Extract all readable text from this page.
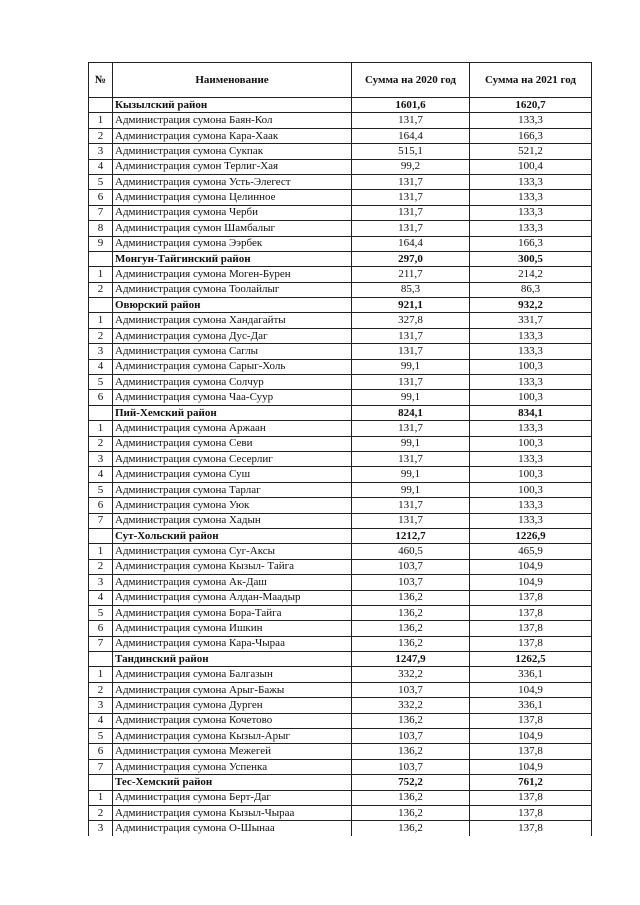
№	Наименование	Сумма на 2020 год	Сумма на 2021 год
	Кызылский район	1601,6	1620,7
1	Администрация сумона Баян-Кол	131,7	133,3
2	Администрация сумона Кара-Хаак	164,4	166,3
3	Администрация сумона Сукпак	515,1	521,2
4	Администрация сумон Терлиг-Хая	99,2	100,4
5	Администрация сумона Усть-Элегест	131,7	133,3
6	Администрация сумона Целинное	131,7	133,3
7	Администрация сумона Черби	131,7	133,3
8	Администрация сумон Шамбалыг	131,7	133,3
9	Администрация сумона Ээрбек	164,4	166,3
	Монгун-Тайгинский район	297,0	300,5
1	Администрация сумона Моген-Бурен	211,7	214,2
2	Администрация сумона Тоолайлыг	85,3	86,3
	Овюрский район	921,1	932,2
1	Администрация сумона Хандагайты	327,8	331,7
2	Администрация сумона Дус-Даг	131,7	133,3
3	Администрация сумона Саглы	131,7	133,3
4	Администрация сумона Сарыг-Холь	99,1	100,3
5	Администрация сумона Солчур	131,7	133,3
6	Администрация сумона Чаа-Суур	99,1	100,3
	Пий-Хемский район	824,1	834,1
1	Администрация сумона Аржаан	131,7	133,3
2	Администрация сумона Севи	99,1	100,3
3	Администрация сумона Сесерлиг	131,7	133,3
4	Администрация сумона Суш	99,1	100,3
5	Администрация сумона Тарлаг	99,1	100,3
6	Администрация сумона Уюк	131,7	133,3
7	Администрация сумона Хадын	131,7	133,3
	Сут-Хольский район	1212,7	1226,9
1	Администрация сумона Суг-Аксы	460,5	465,9
2	Администрация сумона Кызыл- Тайга	103,7	104,9
3	Администрация сумона Ак-Даш	103,7	104,9
4	Администрация сумона Алдан-Маадыр	136,2	137,8
5	Администрация сумона Бора-Тайга	136,2	137,8
6	Администрация сумона Ишкин	136,2	137,8
7	Администрация сумона Кара-Чыраа	136,2	137,8
	Тандинский район	1247,9	1262,5
1	Администрация сумона Балгазын	332,2	336,1
2	Администрация сумона Арыг-Бажы	103,7	104,9
3	Администрация сумона Дурген	332,2	336,1
4	Администрация сумона Кочетово	136,2	137,8
5	Администрация сумона Кызыл-Арыг	103,7	104,9
6	Администрация сумона Межегей	136,2	137,8
7	Администрация сумона Успенка	103,7	104,9
	Тес-Хемский район	752,2	761,2
1	Администрация сумона Берт-Даг	136,2	137,8
2	Администрация сумона Кызыл-Чыраа	136,2	137,8
3	Администрация сумона О-Шынаа	136,2	137,8
